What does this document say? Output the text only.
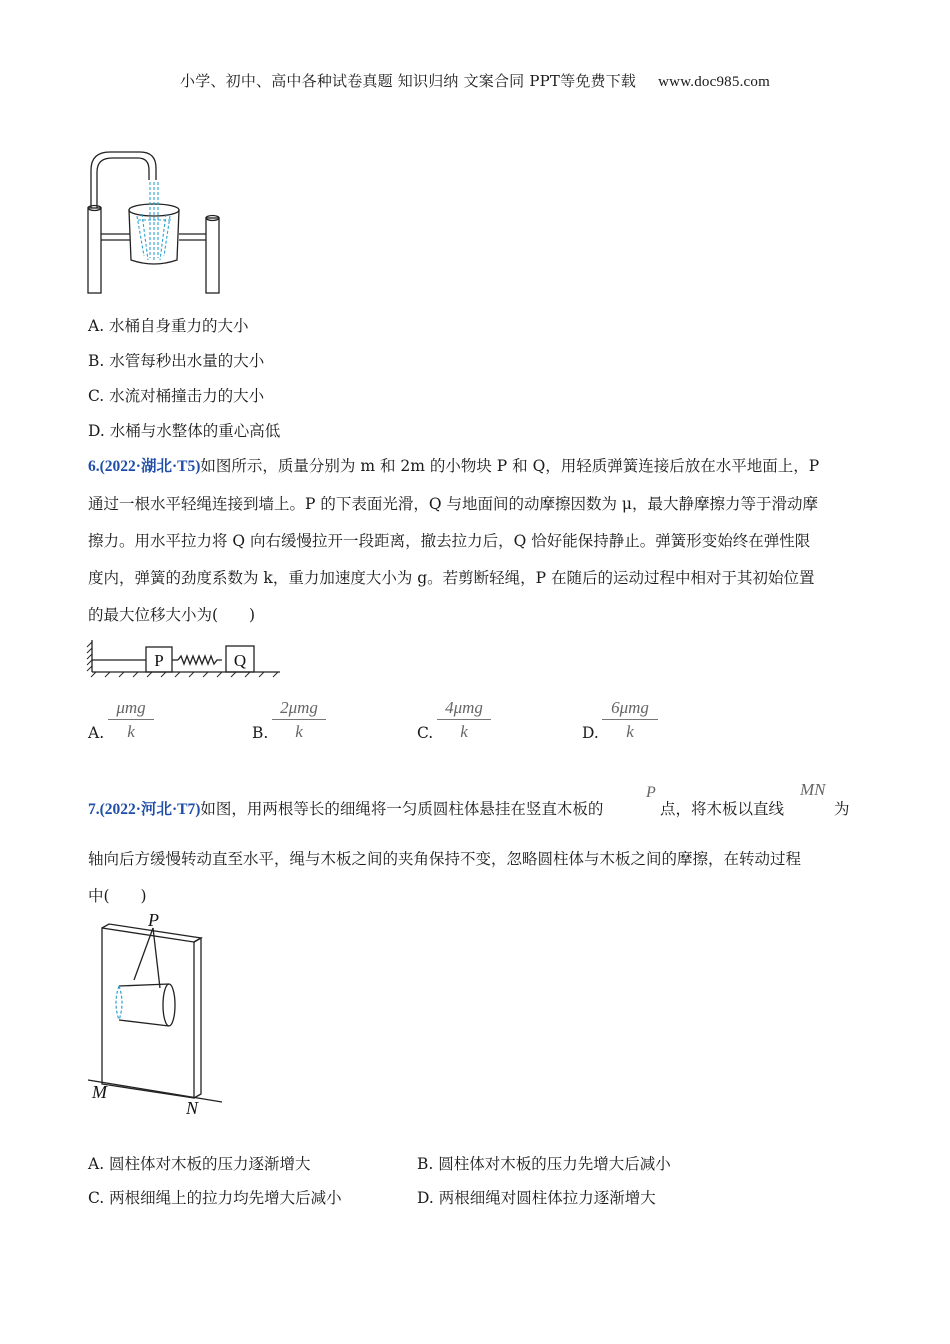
小学、初中、高中各种试卷真题 知识归纳 文案合同 PPT等免费下载 www.doc985.com
A. 水桶自身重力的大小
B. 水管每秒出水量的大小
C. 水流对桶撞击力的大小
D. 水桶与水整体的重心高低
6.(2022·湖北·T5)如图所示，质量分别为 m 和 2m 的小物块 P 和 Q，用轻质弹簧连接后放在水平地面上，P
通过一根水平轻绳连接到墙上。P 的下表面光滑，Q 与地面间的动摩擦因数为 μ，最大静摩擦力等于滑动摩
擦力。用水平拉力将 Q 向右缓慢拉开一段距离，撤去拉力后，Q 恰好能保持静止。弹簧形变始终在弹性限
度内，弹簧的劲度系数为 k，重力加速度大小为 g。若剪断轻绳，P 在随后的运动过程中相对于其初始位置
的最大位移大小为(　　)
P	Q
A.
μmg
k	B.
2μmg
k	C.
4μmg
k	D.
6μmg
k
7.(2022·河北·T7)如图，用两根等长的细绳将一匀质圆柱体悬挂在竖直木板的
P
点，将木板以直线
MN
为
轴向后方缓慢转动直至水平，绳与木板之间的夹角保持不变，忽略圆柱体与木板之间的摩擦，在转动过程
中(　　)
P
M
N
A. 圆柱体对木板的压力逐渐增大	B. 圆柱体对木板的压力先增大后减小
C. 两根细绳上的拉力均先增大后减小	D. 两根细绳对圆柱体拉力逐渐增大
